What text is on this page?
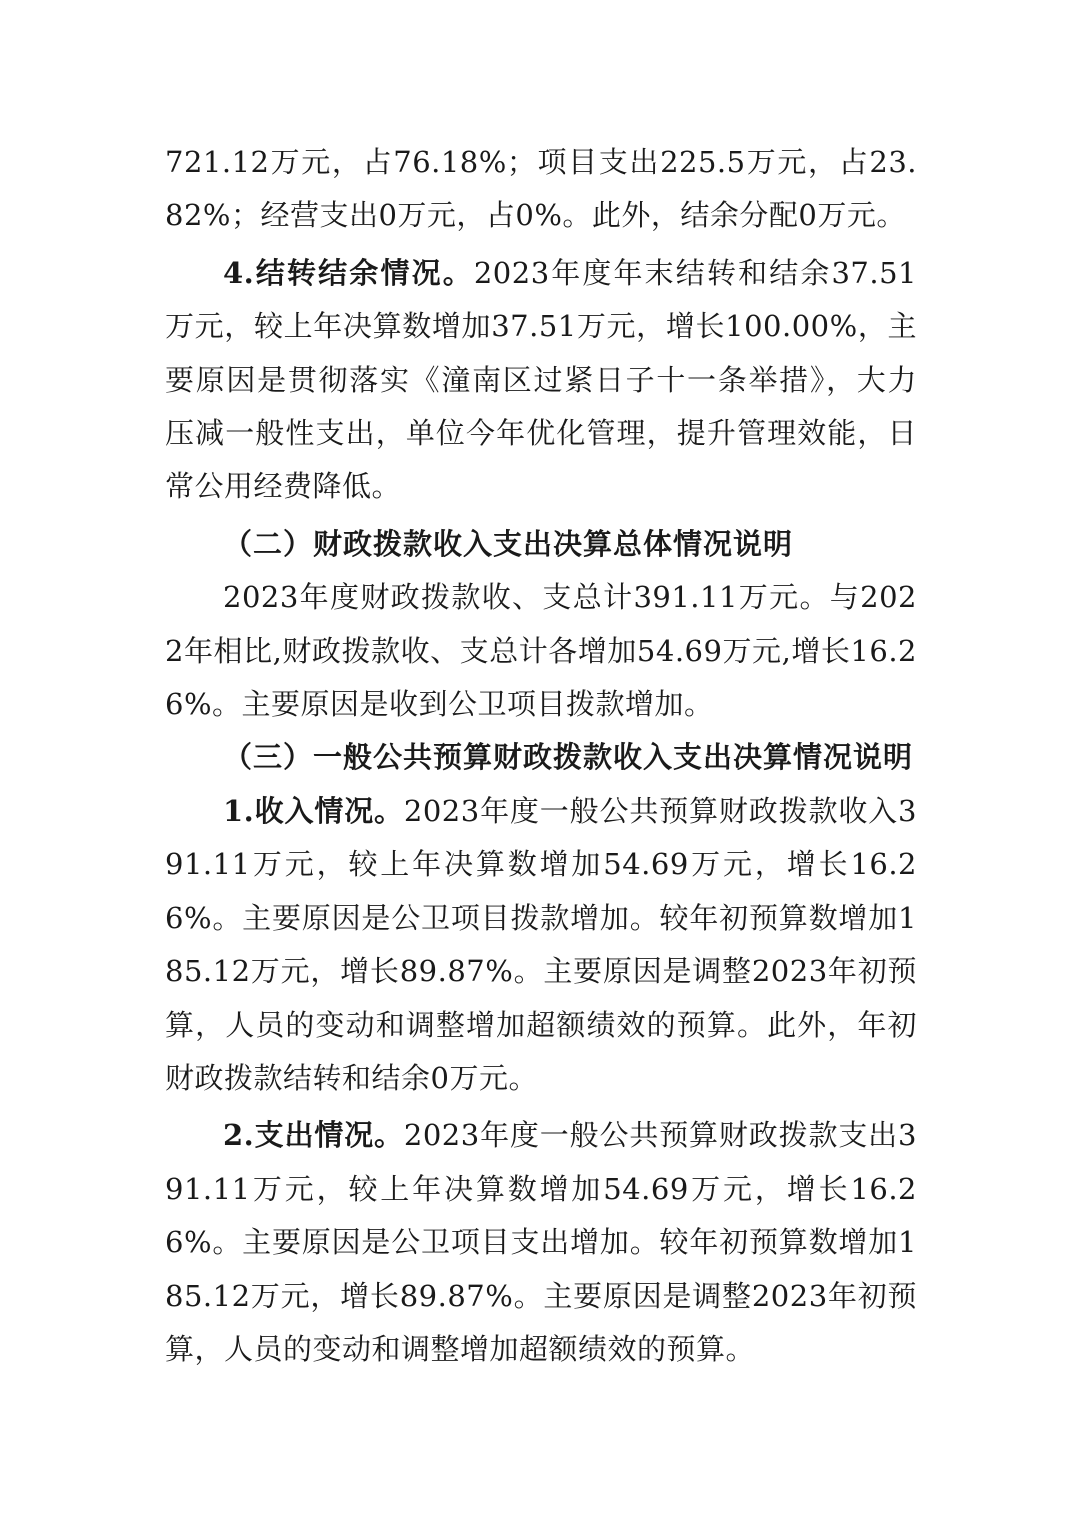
721.12万元，占76.18%；项目支出225.5万元，占23.82%；经营支出0万元，占0%。此外，结余分配0万元。

4.结转结余情况。2023年度年末结转和结余37.51万元，较上年决算数增加37.51万元，增长100.00%，主要原因是贯彻落实《潼南区过紧日子十一条举措》，大力压减一般性支出，单位今年优化管理，提升管理效能，日常公用经费降低。

（二）财政拨款收入支出决算总体情况说明

2023年度财政拨款收、支总计391.11万元。与2022年相比,财政拨款收、支总计各增加54.69万元,增长16.26%。主要原因是收到公卫项目拨款增加。

（三）一般公共预算财政拨款收入支出决算情况说明

1.收入情况。2023年度一般公共预算财政拨款收入391.11万元，较上年决算数增加54.69万元，增长16.26%。主要原因是公卫项目拨款增加。较年初预算数增加185.12万元，增长89.87%。主要原因是调整2023年初预算，人员的变动和调整增加超额绩效的预算。此外，年初财政拨款结转和结余0万元。

2.支出情况。2023年度一般公共预算财政拨款支出391.11万元，较上年决算数增加54.69万元，增长16.26%。主要原因是公卫项目支出增加。较年初预算数增加185.12万元，增长89.87%。主要原因是调整2023年初预算，人员的变动和调整增加超额绩效的预算。
